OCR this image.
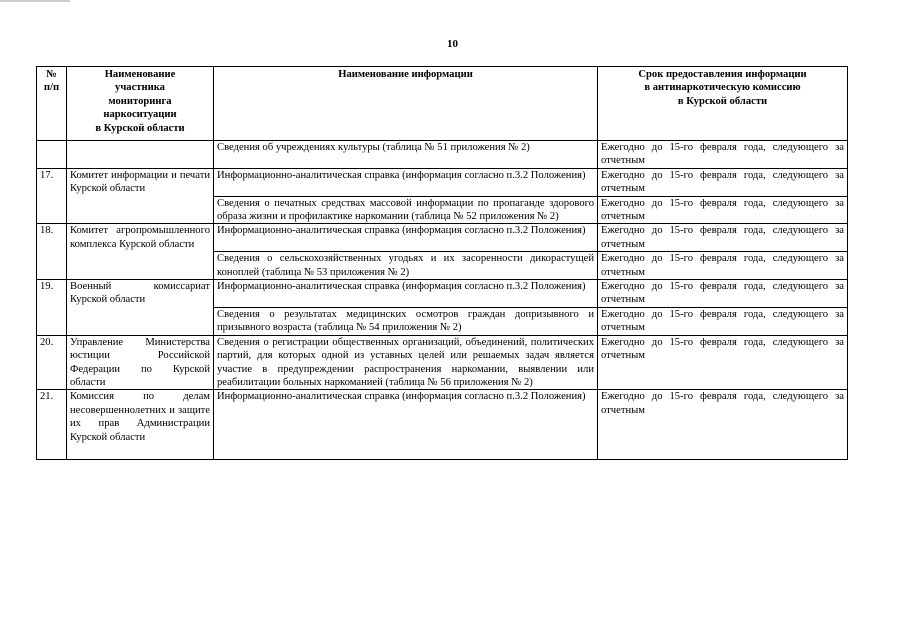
10
№
п/п	Наименование
участника
мониторинга
наркоситуации
в Курской области	Наименование информации	Срок предоставления информации
в антинаркотическую комиссию
в Курской области
		Сведения об учреждениях культуры (таблица № 51 приложения № 2)	Ежегодно до 15-го февраля года, следующего за отчетным
17.	Комитет информации и печати Курской области	Информационно-аналитическая справка (информация согласно п.3.2 Положения)	Ежегодно до 15-го февраля года, следующего за отчетным
		Сведения о печатных средствах массовой информации по пропаганде здорового образа жизни и профилактике наркомании (таблица № 52 приложения № 2)	Ежегодно до 15-го февраля года, следующего за отчетным
18.	Комитет агропромышленного комплекса Курской области	Информационно-аналитическая справка (информация согласно п.3.2 Положения)	Ежегодно до 15-го февраля года, следующего за отчетным
		Сведения о сельскохозяйственных угодьях и их засоренности дикорастущей коноплей (таблица № 53 приложения № 2)	Ежегодно до 15-го февраля года, следующего за отчетным
19.	Военный комиссариат Курской области	Информационно-аналитическая справка (информация согласно п.3.2 Положения)	Ежегодно до 15-го февраля года, следующего за отчетным
		Сведения о результатах медицинских осмотров граждан допризывного и призывного возраста (таблица № 54 приложения № 2)	Ежегодно до 15-го февраля года, следующего за отчетным
20.	Управление Министерства юстиции Российской Федерации по Курской области	Сведения о регистрации общественных организаций, объединений, политических партий, для которых одной из уставных целей или решаемых задач является участие в предупреждении распространения наркомании, выявлении или реабилитации больных наркоманией (таблица № 56 приложения № 2)	Ежегодно до 15-го февраля года, следующего за отчетным
21.	Комиссия по делам несовершеннолетних и защите их прав Администрации Курской области	Информационно-аналитическая справка (информация согласно п.3.2 Положения)	Ежегодно до 15-го февраля года, следующего за отчетным
